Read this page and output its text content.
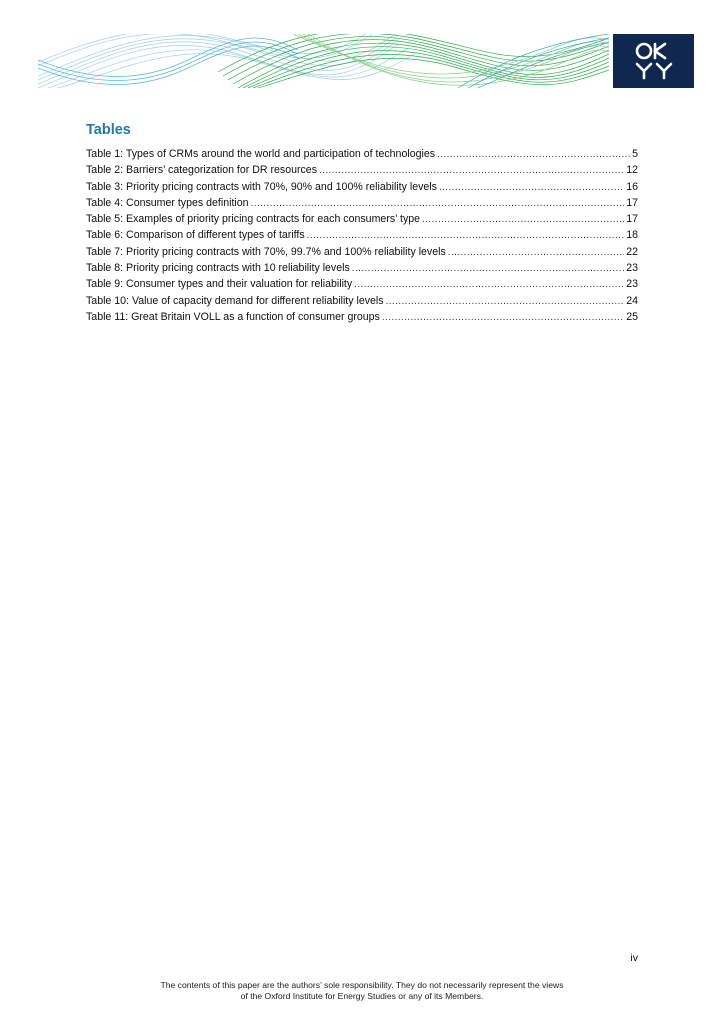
Tables
Table 1: Types of CRMs around the world and participation of technologies .....	5
Table 2: Barriers’ categorization for DR resources .....	12
Table 3: Priority pricing contracts with 70%, 90% and 100% reliability levels .....	16
Table 4: Consumer types definition .....	17
Table 5: Examples of priority pricing contracts for each consumers’ type .....	17
Table 6: Comparison of different types of tariffs .....	18
Table 7: Priority pricing contracts with 70%, 99.7% and 100% reliability levels .....	22
Table 8: Priority pricing contracts with 10 reliability levels .....	23
Table 9: Consumer types and their valuation for reliability .....	23
Table 10: Value of capacity demand for different reliability levels .....	24
Table 11: Great Britain VOLL as a function of consumer groups .....	25
iv
The contents of this paper are the authors’ sole responsibility. They do not necessarily represent the views
of the Oxford Institute for Energy Studies or any of its Members.
